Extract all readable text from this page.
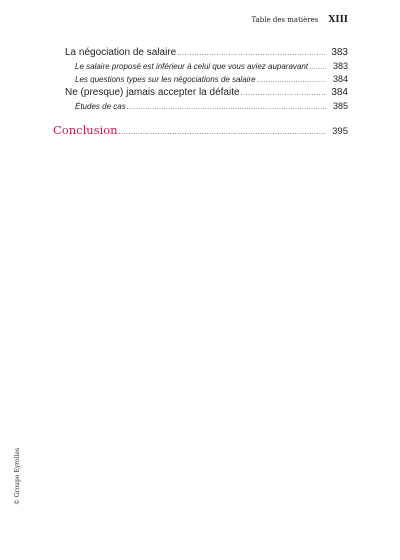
Table des matières XIII
La négociation de salaire .....	383
Le salaire proposé est inférieur à celui que vous aviez auparavant .....	383
Les questions types sur les négociations de salaire .....	384
Ne (presque) jamais accepter la défaite .....	384
Études de cas .....	385
Conclusion .....	395
© Groupe Eyrolles
